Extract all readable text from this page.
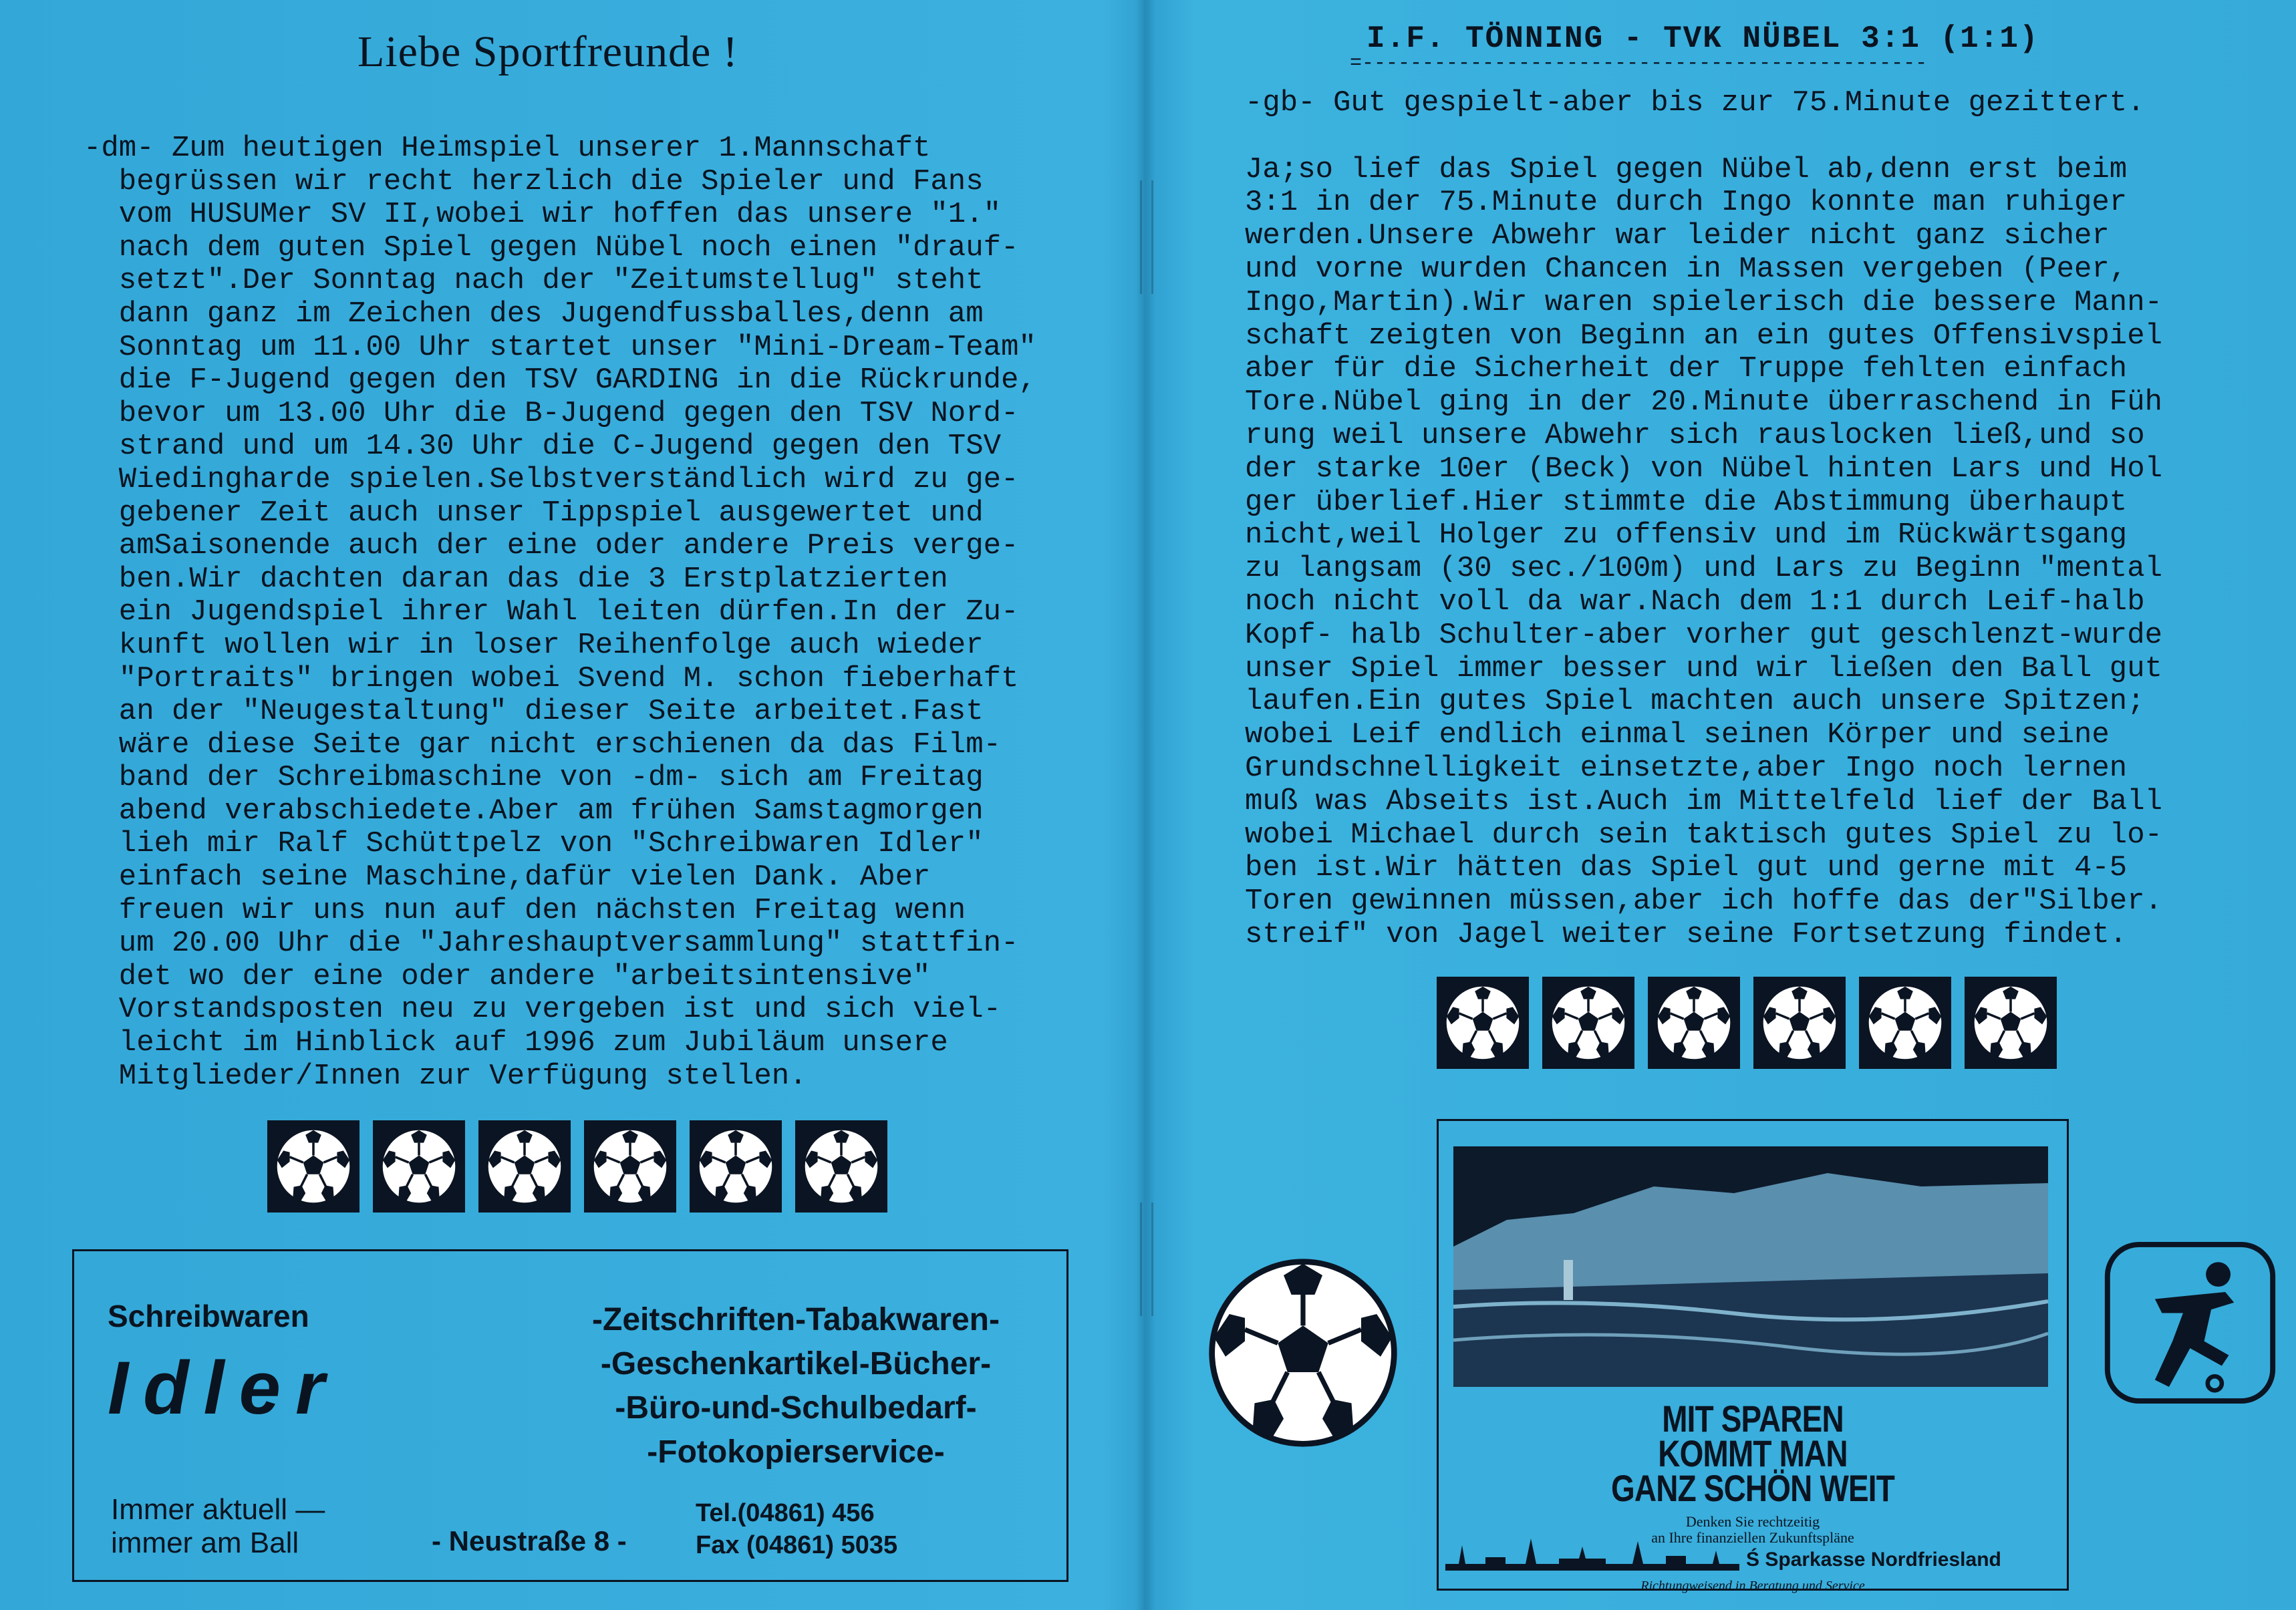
Liebe Sportfreunde !
-dm- Zum heutigen Heimspiel unserer 1.Mannschaft
begrüssen wir recht herzlich die Spieler und Fans
vom HUSUMer SV II,wobei wir hoffen das unsere "1."
nach dem guten Spiel gegen Nübel noch einen "drauf-
setzt".Der Sonntag nach der "Zeitumstellug" steht
dann ganz im Zeichen des Jugendfussballes,denn am
Sonntag um 11.00 Uhr startet unser "Mini-Dream-Team"
die F-Jugend gegen den TSV GARDING in die Rückrunde,
bevor um 13.00 Uhr die B-Jugend gegen den TSV Nord-
strand und um 14.30 Uhr die C-Jugend gegen den TSV
Wiedingharde spielen.Selbstverständlich wird zu ge-
gebener Zeit auch unser Tippspiel ausgewertet und
amSaisonende auch der eine oder andere Preis verge-
ben.Wir dachten daran das die 3 Erstplatzierten
ein Jugendspiel ihrer Wahl leiten dürfen.In der Zu-
kunft wollen wir in loser Reihenfolge auch wieder
"Portraits" bringen wobei Svend M. schon fieberhaft
an der "Neugestaltung" dieser Seite arbeitet.Fast
wäre diese Seite gar nicht erschienen da das Film-
band der Schreibmaschine von -dm- sich am Freitag
abend verabschiedete.Aber am frühen Samstagmorgen
lieh mir Ralf Schüttpelz von "Schreibwaren Idler"
einfach seine Maschine,dafür vielen Dank. Aber
freuen wir uns nun auf den nächsten Freitag wenn
um 20.00 Uhr die "Jahreshauptversammlung" stattfin-
det wo der eine oder andere "arbeitsintensive"
Vorstandsposten neu zu vergeben ist und sich viel-
leicht im Hinblick auf 1996 zum Jubiläum unsere
Mitglieder/Innen zur Verfügung stellen.
Schreibwaren
Idler
-Zeitschriften-Tabakwaren-
-Geschenkartikel-Bücher-
-Büro-und-Schulbedarf-
-Fotokopierservice-
Immer aktuell —
immer am Ball	- Neustraße 8 -
Tel.(04861) 456
Fax (04861) 5035
I.F. TÖNNING - TVK NÜBEL 3:1 (1:1)
=-----------------------------------------------
-gb- Gut gespielt-aber bis zur 75.Minute gezittert.

Ja;so lief das Spiel gegen Nübel ab,denn erst beim
3:1 in der 75.Minute durch Ingo konnte man ruhiger
werden.Unsere Abwehr war leider nicht ganz sicher
und vorne wurden Chancen in Massen vergeben (Peer,
Ingo,Martin).Wir waren spielerisch die bessere Mann-
schaft zeigten von Beginn an ein gutes Offensivspiel
aber für die Sicherheit der Truppe fehlten einfach
Tore.Nübel ging in der 20.Minute überraschend in Füh
rung weil unsere Abwehr sich rauslocken ließ,und so
der starke 10er (Beck) von Nübel hinten Lars und Hol
ger überlief.Hier stimmte die Abstimmung überhaupt
nicht,weil Holger zu offensiv und im Rückwärtsgang
zu langsam (30 sec./100m) und Lars zu Beginn "mental
noch nicht voll da war.Nach dem 1:1 durch Leif-halb
Kopf- halb Schulter-aber vorher gut geschlenzt-wurde
unser Spiel immer besser und wir ließen den Ball gut
laufen.Ein gutes Spiel machten auch unsere Spitzen;
wobei Leif endlich einmal seinen Körper und seine
Grundschnelligkeit einsetzte,aber Ingo noch lernen
muß was Abseits ist.Auch im Mittelfeld lief der Ball
wobei Michael durch sein taktisch gutes Spiel zu lo-
ben ist.Wir hätten das Spiel gut und gerne mit 4-5
Toren gewinnen müssen,aber ich hoffe das der"Silber.
streif" von Jagel weiter seine Fortsetzung findet.
MIT SPAREN
KOMMT MAN
GANZ SCHÖN WEIT
Denken Sie rechtzeitig
an Ihre finanziellen Zukunftspläne
Ś Sparkasse Nordfriesland
Richtungweisend in Beratung und Service
